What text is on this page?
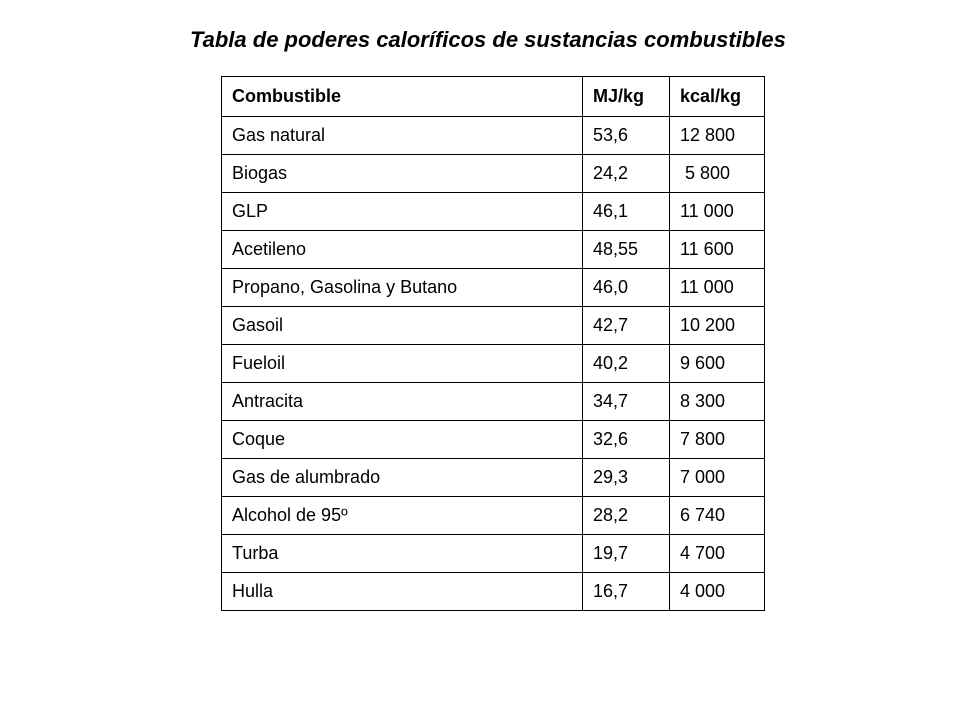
Tabla de poderes caloríficos de sustancias combustibles
Combustible	MJ/kg	kcal/kg
Gas natural	53,6	12 800
Biogas	24,2	5 800
GLP	46,1	11 000
Acetileno	48,55	11 600
Propano, Gasolina y Butano	46,0	11 000
Gasoil	42,7	10 200
Fueloil	40,2	9 600
Antracita	34,7	8 300
Coque	32,6	7 800
Gas de alumbrado	29,3	7 000
Alcohol de 95º	28,2	6 740
Turba	19,7	4 700
Hulla	16,7	4 000
